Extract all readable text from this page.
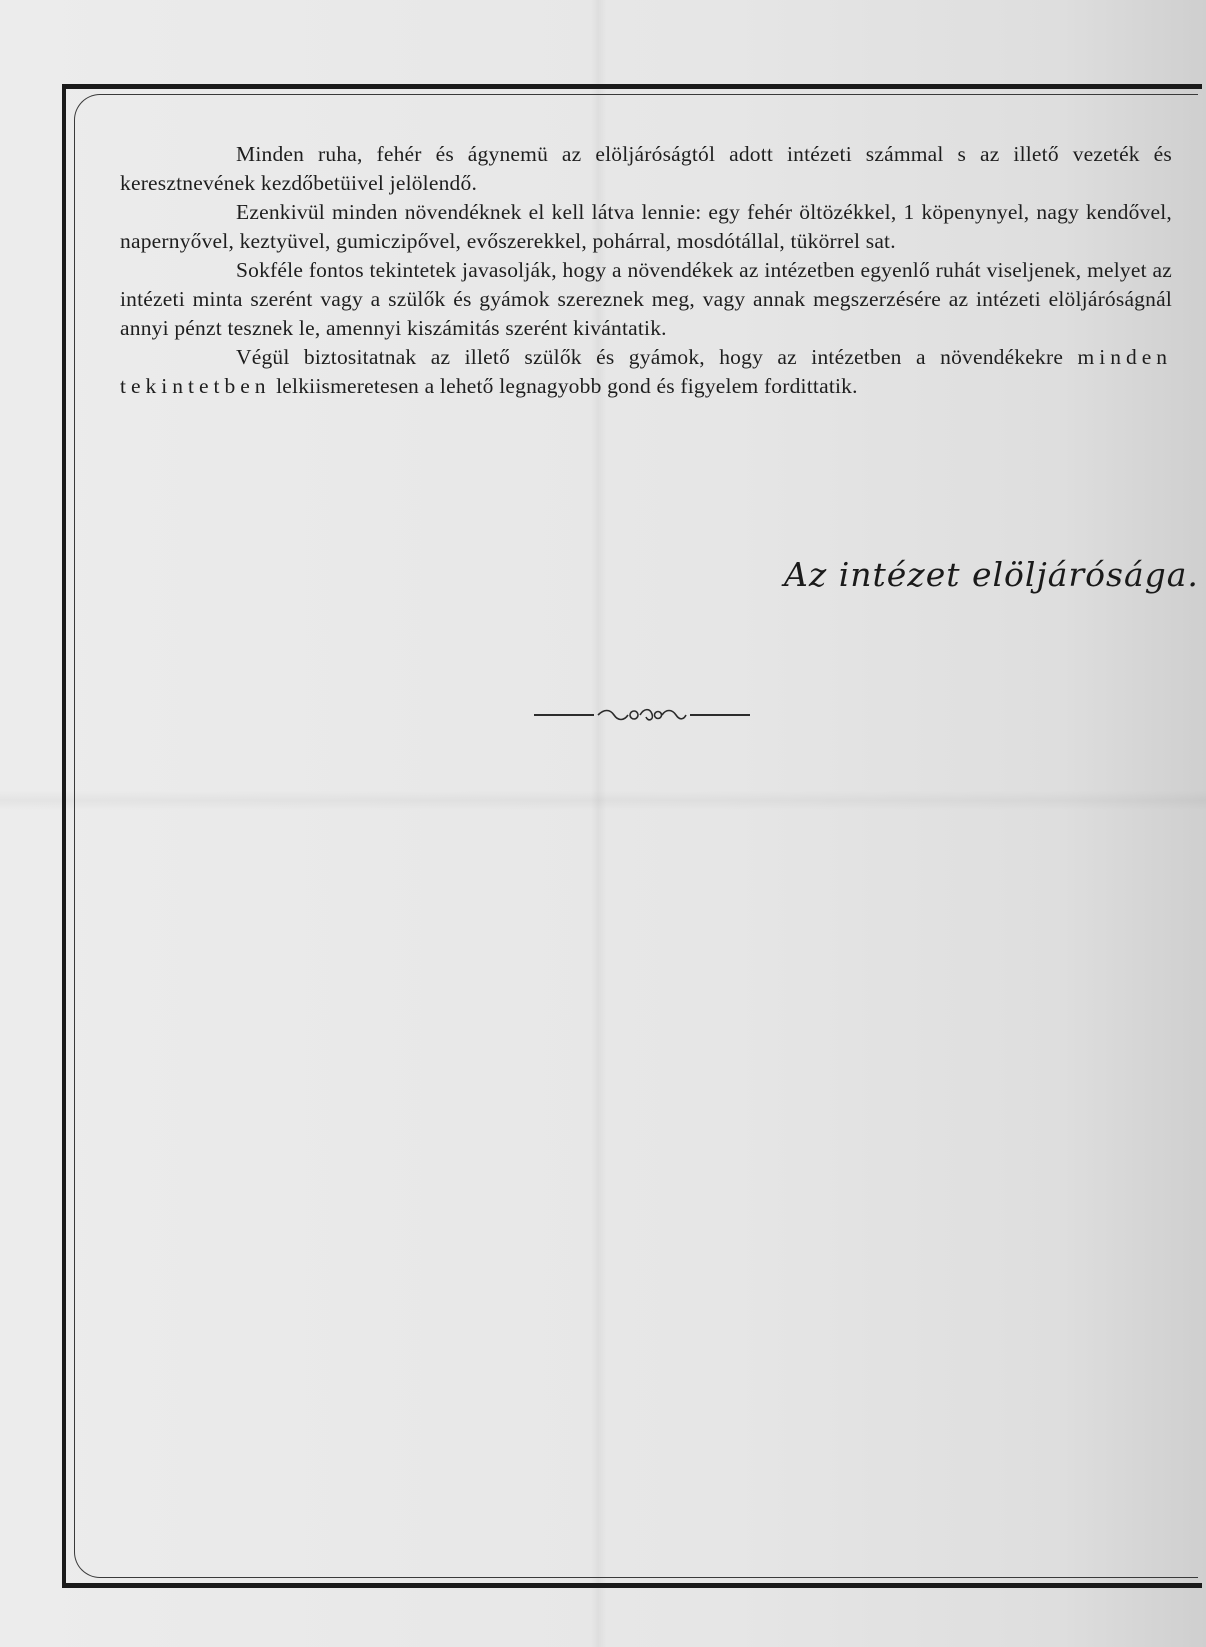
Minden ruha, fehér és ágynemü az elöljáróságtól adott intézeti számmal s az illető vezeték és keresztnevének kezdőbetüivel jelölendő.

Ezenkivül minden növendéknek el kell látva lennie: egy fehér öltözékkel, 1 köpenynyel, nagy kendővel, napernyővel, keztyüvel, gumiczipővel, evőszerekkel, pohárral, mosdótállal, tükörrel sat.

Sokféle fontos tekintetek javasolják, hogy a növendékek az intézetben egyenlő ruhát viseljenek, melyet az intézeti minta szerént vagy a szülők és gyámok szereznek meg, vagy annak megszerzésére az intézeti elöljáróságnál annyi pénzt tesznek le, amennyi kiszámitás szerént kivántatik.

Végül biztositatnak az illető szülők és gyámok, hogy az intézetben a növendékekre minden tekintetben lelkiismeretesen a lehető legnagyobb gond és figyelem fordittatik.

Az intézet elöljárósága.
